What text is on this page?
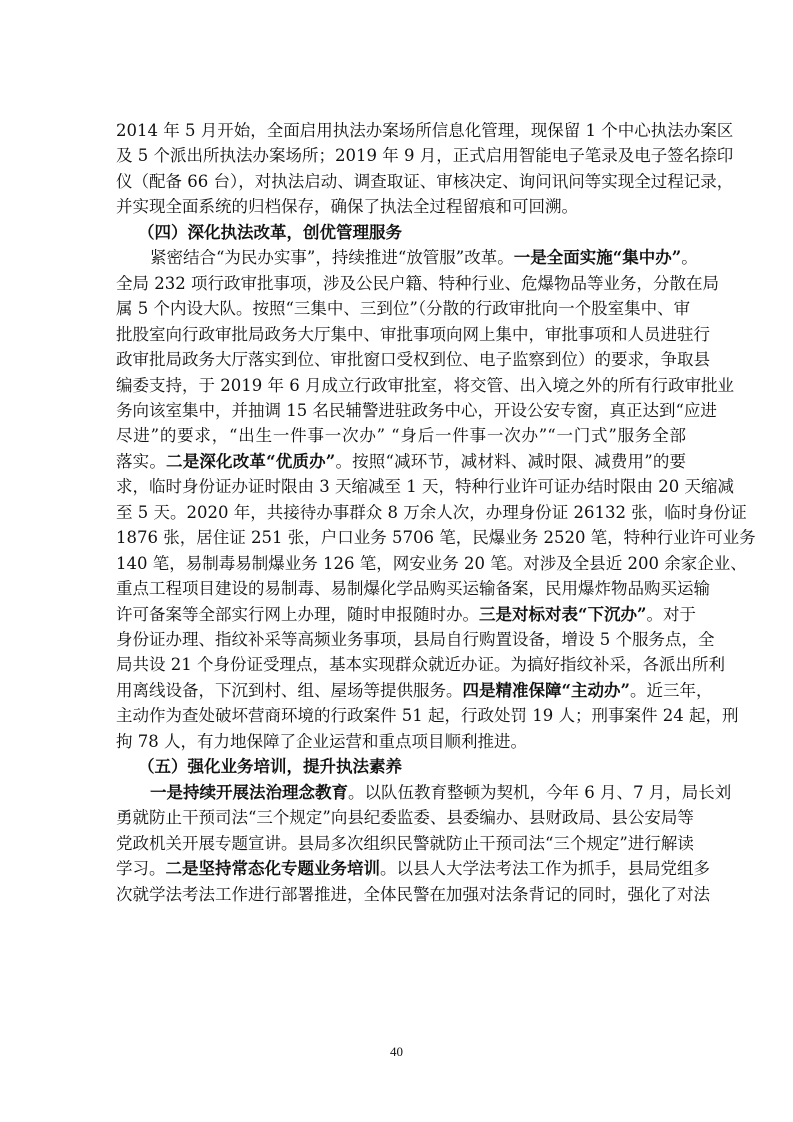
2014 年 5 月开始，全面启用执法办案场所信息化管理，现保留 1 个中心执法办案区
及 5 个派出所执法办案场所；2019 年 9 月，正式启用智能电子笔录及电子签名捺印
仪（配备 66 台），对执法启动、调查取证、审核决定、询问讯问等实现全过程记录，
并实现全面系统的归档保存，确保了执法全过程留痕和可回溯。
（四）深化执法改革，创优管理服务
紧密结合“为民办实事”，持续推进“放管服”改革。一是全面实施“集中办”。
全局 232 项行政审批事项，涉及公民户籍、特种行业、危爆物品等业务，分散在局
属 5 个内设大队。按照“三集中、三到位”（分散的行政审批向一个股室集中、审
批股室向行政审批局政务大厅集中、审批事项向网上集中，审批事项和人员进驻行
政审批局政务大厅落实到位、审批窗口受权到位、电子监察到位）的要求，争取县
编委支持，于 2019 年 6 月成立行政审批室，将交管、出入境之外的所有行政审批业
务向该室集中，并抽调 15 名民辅警进驻政务中心，开设公安专窗，真正达到“应进
尽进”的要求，“出生一件事一次办” “身后一件事一次办”“一门式”服务全部
落实。二是深化改革“优质办”。按照“减环节，减材料、减时限、减费用”的要
求，临时身份证办证时限由 3 天缩减至 1 天，特种行业许可证办结时限由 20 天缩减
至 5 天。2020 年，共接待办事群众 8 万余人次，办理身份证 26132 张，临时身份证
1876 张，居住证 251 张，户口业务 5706 笔，民爆业务 2520 笔，特种行业许可业务
140 笔，易制毒易制爆业务 126 笔，网安业务 20 笔。对涉及全县近 200 余家企业、
重点工程项目建设的易制毒、易制爆化学品购买运输备案，民用爆炸物品购买运输
许可备案等全部实行网上办理，随时申报随时办。三是对标对表“下沉办”。对于
身份证办理、指纹补采等高频业务事项，县局自行购置设备，增设 5 个服务点，全
局共设 21 个身份证受理点，基本实现群众就近办证。为搞好指纹补采，各派出所利
用离线设备，下沉到村、组、屋场等提供服务。四是精准保障“主动办”。近三年，
主动作为查处破坏营商环境的行政案件 51 起，行政处罚 19 人；刑事案件 24 起，刑
拘 78 人，有力地保障了企业运营和重点项目顺利推进。
（五）强化业务培训，提升执法素养
一是持续开展法治理念教育。以队伍教育整顿为契机，今年 6 月、7 月，局长刘
勇就防止干预司法“三个规定”向县纪委监委、县委编办、县财政局、县公安局等
党政机关开展专题宣讲。县局多次组织民警就防止干预司法“三个规定”进行解读
学习。二是坚持常态化专题业务培训。以县人大学法考法工作为抓手，县局党组多
次就学法考法工作进行部署推进，全体民警在加强对法条背记的同时，强化了对法
40
